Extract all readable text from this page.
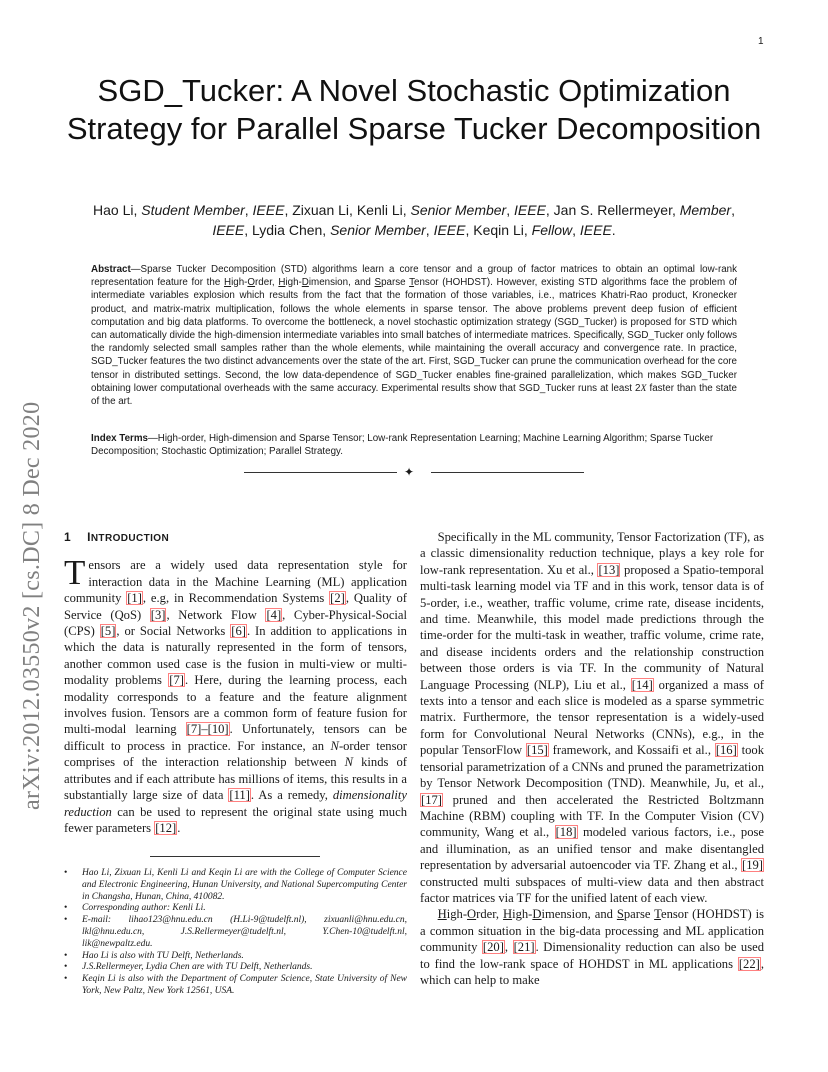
1
SGD_Tucker: A Novel Stochastic Optimization Strategy for Parallel Sparse Tucker Decomposition
Hao Li, Student Member, IEEE, Zixuan Li, Kenli Li, Senior Member, IEEE, Jan S. Rellermeyer, Member,
IEEE, Lydia Chen, Senior Member, IEEE, Keqin Li, Fellow, IEEE.
Abstract—Sparse Tucker Decomposition (STD) algorithms learn a core tensor and a group of factor matrices to obtain an optimal low-rank representation feature for the High-Order, High-Dimension, and Sparse Tensor (HOHDST). However, existing STD algorithms face the problem of intermediate variables explosion which results from the fact that the formation of those variables, i.e., matrices Khatri-Rao product, Kronecker product, and matrix-matrix multiplication, follows the whole elements in sparse tensor. The above problems prevent deep fusion of efficient computation and big data platforms. To overcome the bottleneck, a novel stochastic optimization strategy (SGD_Tucker) is proposed for STD which can automatically divide the high-dimension intermediate variables into small batches of intermediate matrices. Specifically, SGD_Tucker only follows the randomly selected small samples rather than the whole elements, while maintaining the overall accuracy and convergence rate. In practice, SGD_Tucker features the two distinct advancements over the state of the art. First, SGD_Tucker can prune the communication overhead for the core tensor in distributed settings. Second, the low data-dependence of SGD_Tucker enables fine-grained parallelization, which makes SGD_Tucker obtaining lower computational overheads with the same accuracy. Experimental results show that SGD_Tucker runs at least 2X faster than the state of the art.
Index Terms—High-order, High-dimension and Sparse Tensor; Low-rank Representation Learning; Machine Learning Algorithm; Sparse Tucker Decomposition; Stochastic Optimization; Parallel Strategy.
✦
arXiv:2012.03550v2 [cs.DC] 8 Dec 2020	1 INTRODUCTION

Tensors are a widely used data representation style for interaction data in the Machine Learning (ML) application community [1], e.g, in Recommendation Systems [2], Quality of Service (QoS) [3], Network Flow [4], Cyber-Physical-Social (CPS) [5], or Social Networks [6]. In addition to applications in which the data is naturally represented in the form of tensors, another common used case is the fusion in multi-view or multi-modality problems [7]. Here, during the learning process, each modality corresponds to a feature and the feature alignment involves fusion. Tensors are a common form of feature fusion for multi-modal learning [7]–[10]. Unfortunately, tensors can be difficult to process in practice. For instance, an N-order tensor comprises of the interaction relationship between N kinds of attributes and if each attribute has millions of items, this results in a substantially large size of data [11]. As a remedy, dimensionality reduction can be used to represent the original state using much fewer parameters [12].

• Hao Li, Zixuan Li, Kenli Li and Keqin Li are with the College of Computer Science and Electronic Engineering, Hunan University, and National Supercomputing Center in Changsha, Hunan, China, 410082.
• Corresponding author: Kenli Li.
• E-mail: lihao123@hnu.edu.cn (H.Li-9@tudelft.nl), zixuanli@hnu.edu.cn, lkl@hnu.edu.cn, J.S.Rellermeyer@tudelft.nl, Y.Chen-10@tudelft.nl, lik@newpaltz.edu.
• Hao Li is also with TU Delft, Netherlands.
• J.S.Rellermeyer, Lydia Chen are with TU Delft, Netherlands.
• Keqin Li is also with the Department of Computer Science, State University of New York, New Paltz, New York 12561, USA.

Specifically in the ML community, Tensor Factorization (TF), as a classic dimensionality reduction technique, plays a key role for low-rank representation. Xu et al., [13] proposed a Spatio-temporal multi-task learning model via TF and in this work, tensor data is of 5-order, i.e., weather, traffic volume, crime rate, disease incidents, and time. Meanwhile, this model made predictions through the time-order for the multi-task in weather, traffic volume, crime rate, and disease incidents orders and the relationship construction between those orders is via TF. In the community of Natural Language Processing (NLP), Liu et al., [14] organized a mass of texts into a tensor and each slice is modeled as a sparse symmetric matrix. Furthermore, the tensor representation is a widely-used form for Convolutional Neural Networks (CNNs), e.g., in the popular TensorFlow [15] framework, and Kossaifi et al., [16] took tensorial parametrization of a CNNs and pruned the parametrization by Tensor Network Decomposition (TND). Meanwhile, Ju, et al., [17] pruned and then accelerated the Restricted Boltzmann Machine (RBM) coupling with TF. In the Computer Vision (CV) community, Wang et al., [18] modeled various factors, i.e., pose and illumination, as an unified tensor and make disentangled representation by adversarial autoencoder via TF. Zhang et al., [19] constructed multi subspaces of multi-view data and then abstract factor matrices via TF for the unified latent of each view.

High-Order, High-Dimension, and Sparse Tensor (HOHDST) is a common situation in the big-data processing and ML application community [20], [21]. Dimensionality reduction can also be used to find the low-rank space of HOHDST in ML applications [22], which can help to make
